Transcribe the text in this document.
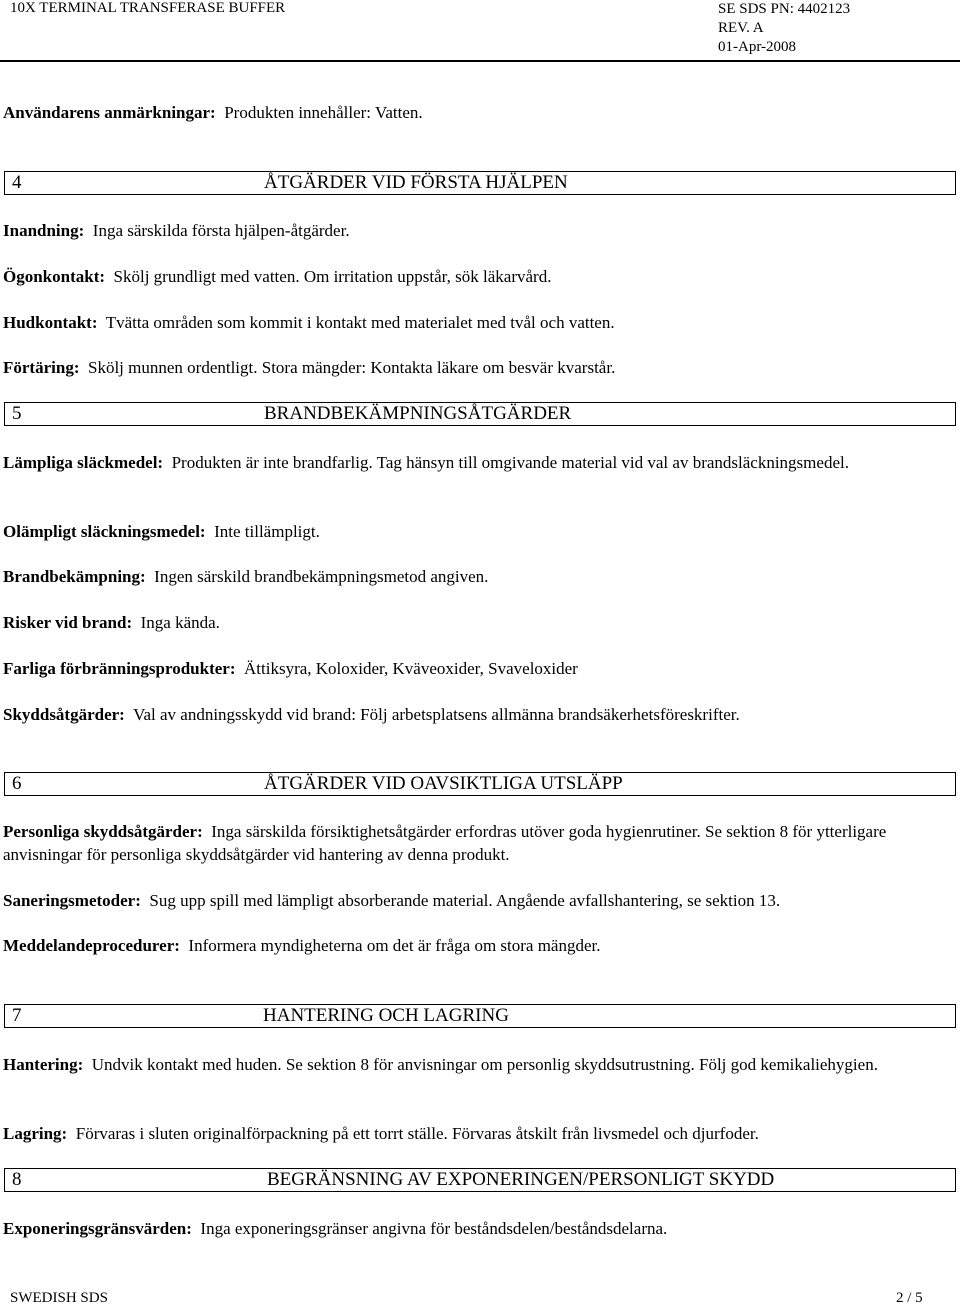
10X TERMINAL TRANSFERASE BUFFER	SE SDS PN: 4402123
REV. A
01-Apr-2008
Användarens anmärkningar: Produkten innehåller: Vatten.
4	ÅTGÄRDER VID FÖRSTA HJÄLPEN
Inandning: Inga särskilda första hjälpen-åtgärder.
Ögonkontakt: Skölj grundligt med vatten. Om irritation uppstår, sök läkarvård.
Hudkontakt: Tvätta områden som kommit i kontakt med materialet med tvål och vatten.
Förtäring: Skölj munnen ordentligt. Stora mängder: Kontakta läkare om besvär kvarstår.
5	BRANDBEKÄMPNINGSÅTGÄRDER
Lämpliga släckmedel: Produkten är inte brandfarlig. Tag hänsyn till omgivande material vid val av brandsläckningsmedel.
Olämpligt släckningsmedel: Inte tillämpligt.
Brandbekämpning: Ingen särskild brandbekämpningsmetod angiven.
Risker vid brand: Inga kända.
Farliga förbränningsprodukter: Ättiksyra, Koloxider, Kväveoxider, Svaveloxider
Skyddsåtgärder: Val av andningsskydd vid brand: Följ arbetsplatsens allmänna brandsäkerhetsföreskrifter.
6	ÅTGÄRDER VID OAVSIKTLIGA UTSLÄPP
Personliga skyddsåtgärder: Inga särskilda försiktighetsåtgärder erfordras utöver goda hygienrutiner. Se sektion 8 för ytterligare anvisningar för personliga skyddsåtgärder vid hantering av denna produkt.
Saneringsmetoder: Sug upp spill med lämpligt absorberande material. Angående avfallshantering, se sektion 13.
Meddelandeprocedurer: Informera myndigheterna om det är fråga om stora mängder.
7	HANTERING OCH LAGRING
Hantering: Undvik kontakt med huden. Se sektion 8 för anvisningar om personlig skyddsutrustning. Följ god kemikaliehygien.
Lagring: Förvaras i sluten originalförpackning på ett torrt ställe. Förvaras åtskilt från livsmedel och djurfoder.
8	BEGRÄNSNING AV EXPONERINGEN/PERSONLIGT SKYDD
Exponeringsgränsvärden: Inga exponeringsgränser angivna för beståndsdelen/beståndsdelarna.
SWEDISH SDS	2 / 5
